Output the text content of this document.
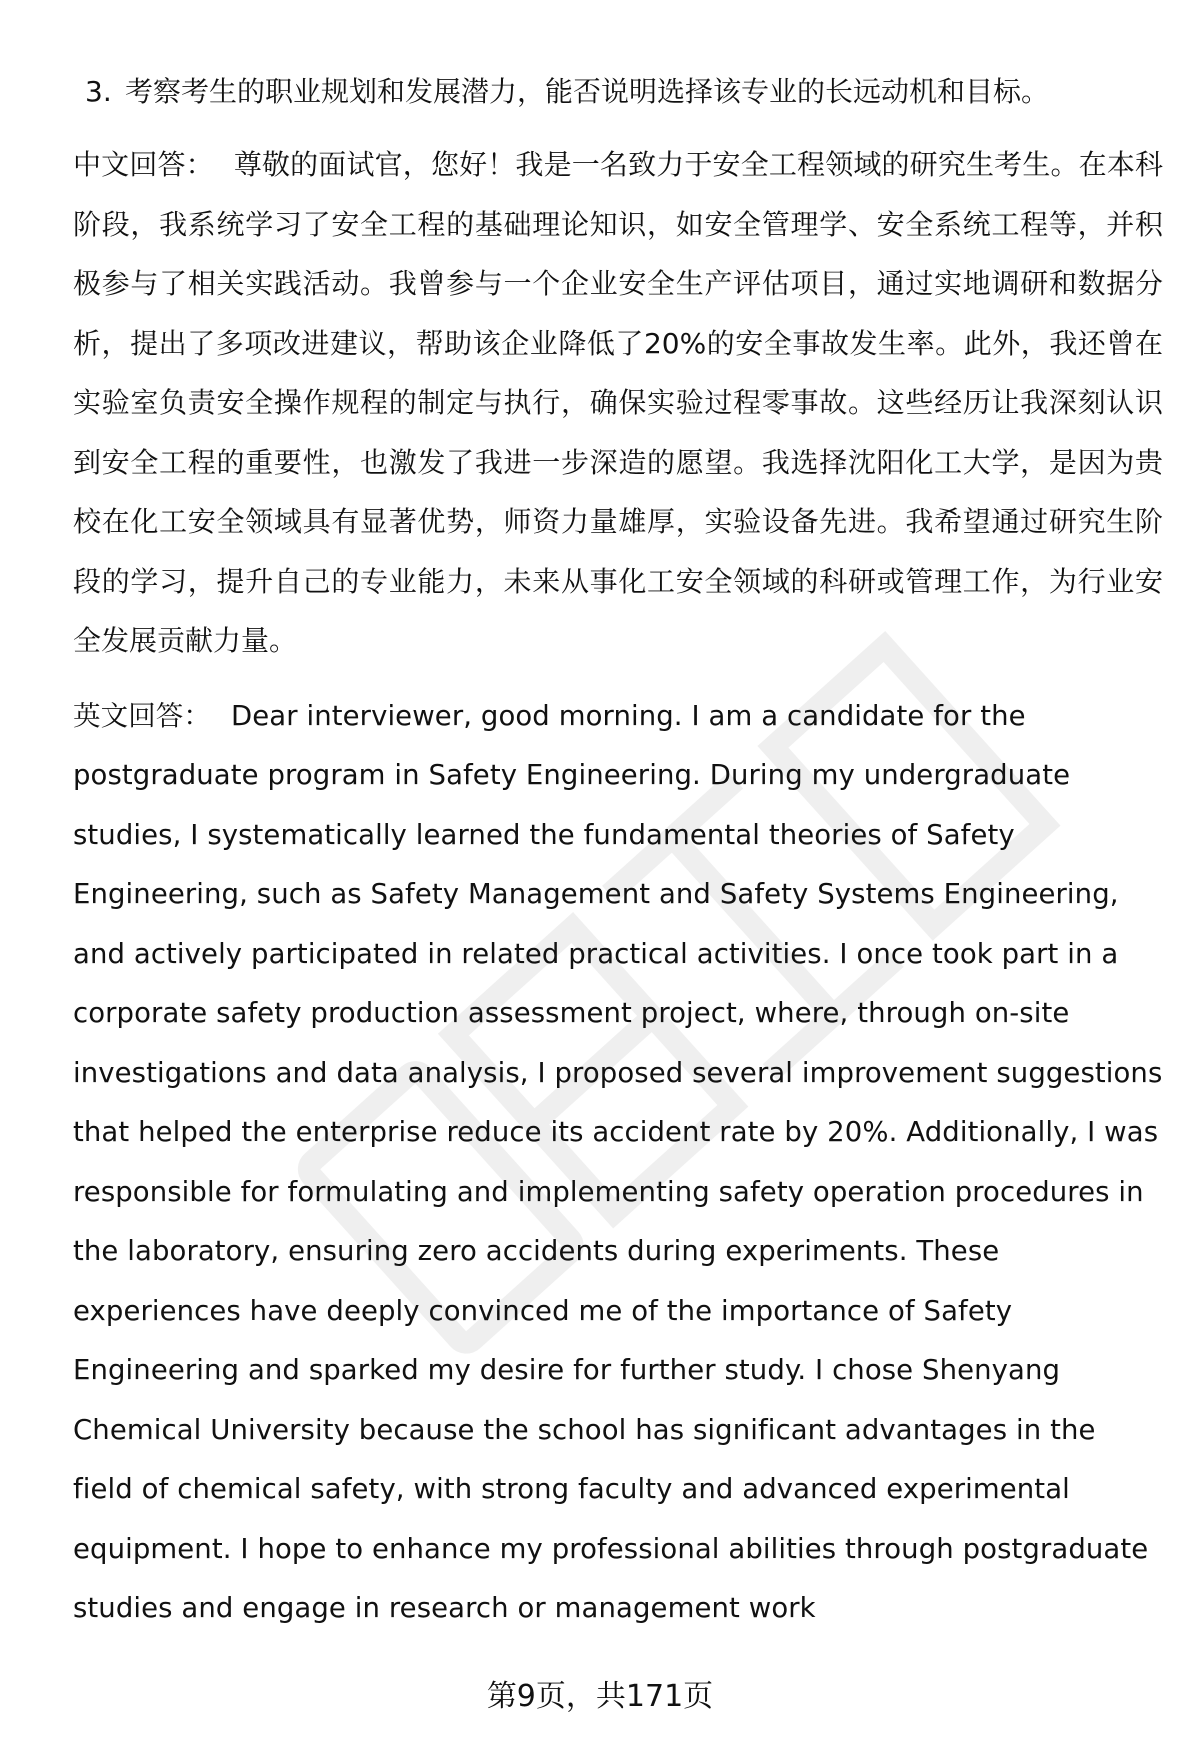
3. 考察考生的职业规划和发展潜力，能否说明选择该专业的长远动机和目标。
中文回答： 尊敬的面试官，您好！我是一名致力于安全工程领域的研究生考生。在本科阶段，我系统学习了安全工程的基础理论知识，如安全管理学、安全系统工程等，并积极参与了相关实践活动。我曾参与一个企业安全生产评估项目，通过实地调研和数据分析，提出了多项改进建议，帮助该企业降低了20%的安全事故发生率。此外，我还曾在实验室负责安全操作规程的制定与执行，确保实验过程零事故。这些经历让我深刻认识到安全工程的重要性，也激发了我进一步深造的愿望。我选择沈阳化工大学，是因为贵校在化工安全领域具有显著优势，师资力量雄厚，实验设备先进。我希望通过研究生阶段的学习，提升自己的专业能力，未来从事化工安全领域的科研或管理工作，为行业安全发展贡献力量。
英文回答： Dear interviewer, good morning. I am a candidate for the postgraduate program in Safety Engineering. During my undergraduate studies, I systematically learned the fundamental theories of Safety Engineering, such as Safety Management and Safety Systems Engineering, and actively participated in related practical activities. I once took part in a corporate safety production assessment project, where, through on-site investigations and data analysis, I proposed several improvement suggestions that helped the enterprise reduce its accident rate by 20%. Additionally, I was responsible for formulating and implementing safety operation procedures in the laboratory, ensuring zero accidents during experiments. These experiences have deeply convinced me of the importance of Safety Engineering and sparked my desire for further study. I chose Shenyang Chemical University because the school has significant advantages in the field of chemical safety, with strong faculty and advanced experimental equipment. I hope to enhance my professional abilities through postgraduate studies and engage in research or management work
第9页，共171页
